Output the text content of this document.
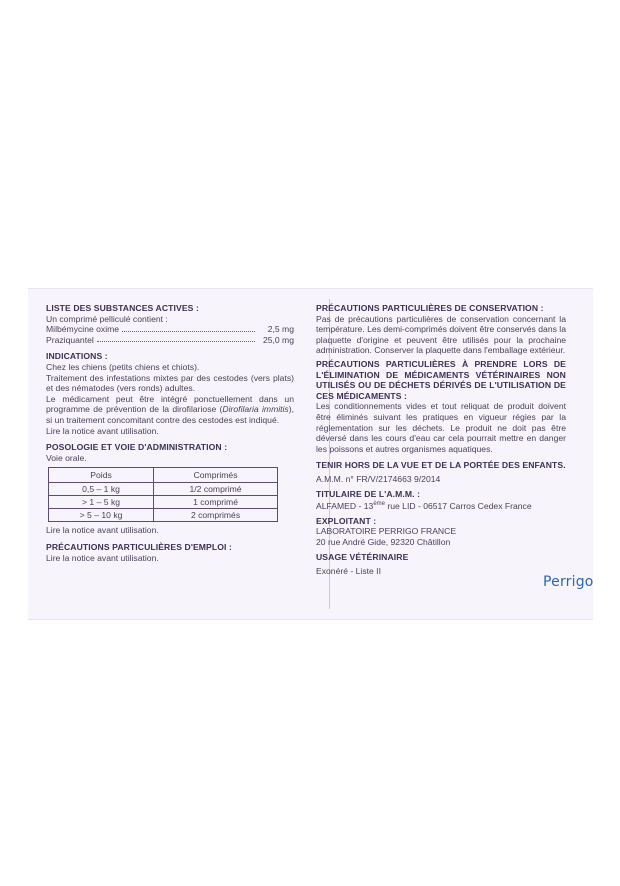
LISTE DES SUBSTANCES ACTIVES :

Un comprimé pelliculé contient :

Milbémycine oxime	2,5 mg
Praziquantel	25,0 mg
INDICATIONS :

Chez les chiens (petits chiens et chiots).

Traitement des infestations mixtes par des cestodes (vers plats) et des nématodes (vers ronds) adultes.

Le médicament peut être intégré ponctuellement dans un programme de prévention de la dirofilariose (Dirofilaria immitis), si un traitement concomitant contre des cestodes est indiqué.

Lire la notice avant utilisation.

POSOLOGIE ET VOIE D'ADMINISTRATION :

Voie orale.

Poids	Comprimés
0,5 – 1 kg	1/2 comprimé
> 1 – 5 kg	1 comprimé
> 5 – 10 kg	2 comprimés

Lire la notice avant utilisation.

PRÉCAUTIONS PARTICULIÈRES D'EMPLOI :

Lire la notice avant utilisation.

PRÉCAUTIONS PARTICULIÈRES DE CONSERVATION :

Pas de précautions particulières de conservation concernant la température. Les demi-comprimés doivent être conservés dans la plaquette d'origine et peuvent être utilisés pour la prochaine administration. Conserver la plaquette dans l'emballage extérieur.

PRÉCAUTIONS PARTICULIÈRES À PRENDRE LORS DE L'ÉLIMINATION DE MÉDICAMENTS VÉTÉRINAIRES NON UTILISÉS OU DE DÉCHETS DÉRIVÉS DE L'UTILISATION DE CES MÉDICAMENTS :

Les conditionnements vides et tout reliquat de produit doivent être éliminés suivant les pratiques en vigueur régies par la réglementation sur les déchets. Le produit ne doit pas être déversé dans les cours d'eau car cela pourrait mettre en danger les poissons et autres organismes aquatiques.

TENIR HORS DE LA VUE ET DE LA PORTÉE DES ENFANTS.

A.M.M. n° FR/V/2174663 9/2014

TITULAIRE DE L'A.M.M. :

ALFAMED - 13ème rue LID - 06517 Carros Cedex France

EXPLOITANT :

LABORATOIRE PERRIGO FRANCE

20 rue André Gide, 92320 Châtillon

USAGE VÉTÉRINAIRE

Exonéré - Liste II

Perrigo
